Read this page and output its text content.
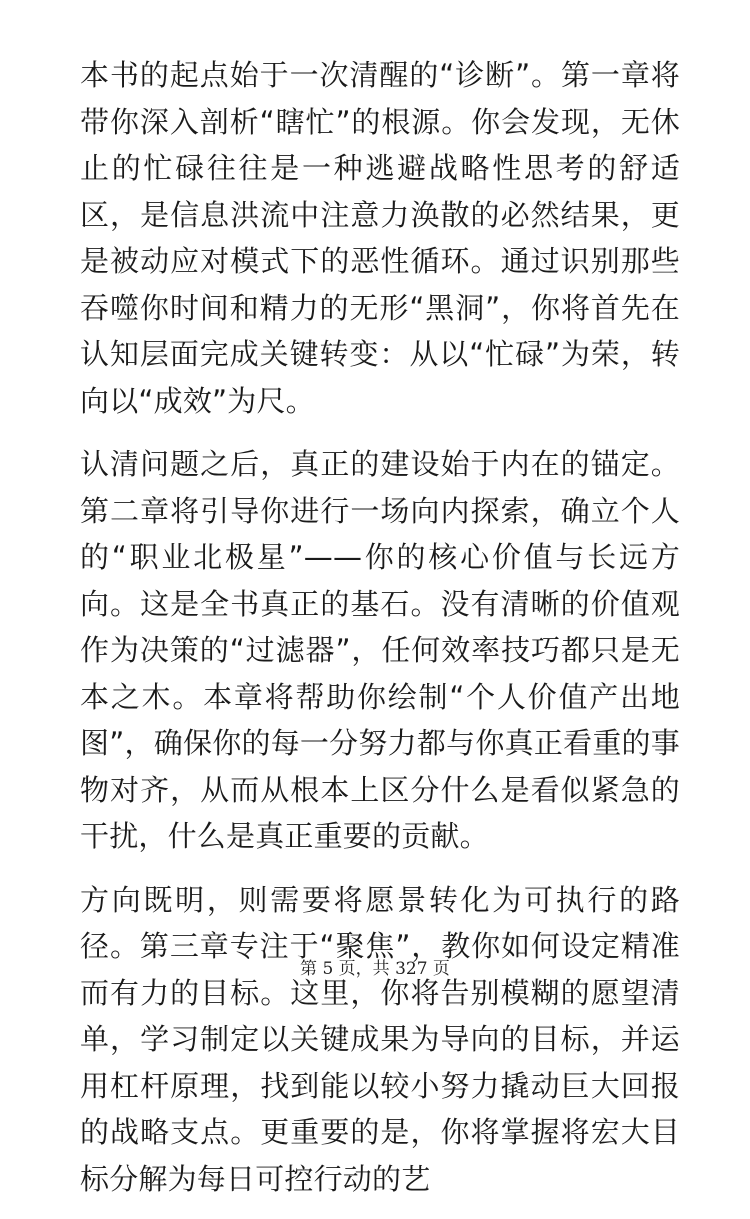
本书的起点始于一次清醒的“诊断”。第一章将带你深入剖析“瞎忙”的根源。你会发现，无休止的忙碌往往是一种逃避战略性思考的舒适区，是信息洪流中注意力涣散的必然结果，更是被动应对模式下的恶性循环。通过识别那些吞噬你时间和精力的无形“黑洞”，你将首先在认知层面完成关键转变：从以“忙碌”为荣，转向以“成效”为尺。

认清问题之后，真正的建设始于内在的锚定。第二章将引导你进行一场向内探索，确立个人的“职业北极星”——你的核心价值与长远方向。这是全书真正的基石。没有清晰的价值观作为决策的“过滤器”，任何效率技巧都只是无本之木。本章将帮助你绘制“个人价值产出地图”，确保你的每一分努力都与你真正看重的事物对齐，从而从根本上区分什么是看似紧急的干扰，什么是真正重要的贡献。

方向既明，则需要将愿景转化为可执行的路径。第三章专注于“聚焦”，教你如何设定精准而有力的目标。这里，你将告别模糊的愿望清单，学习制定以关键成果为导向的目标，并运用杠杆原理，找到能以较小努力撬动巨大回报的战略支点。更重要的是，你将掌握将宏大目标分解为每日可控行动的艺

第 5 页，共 327 页
